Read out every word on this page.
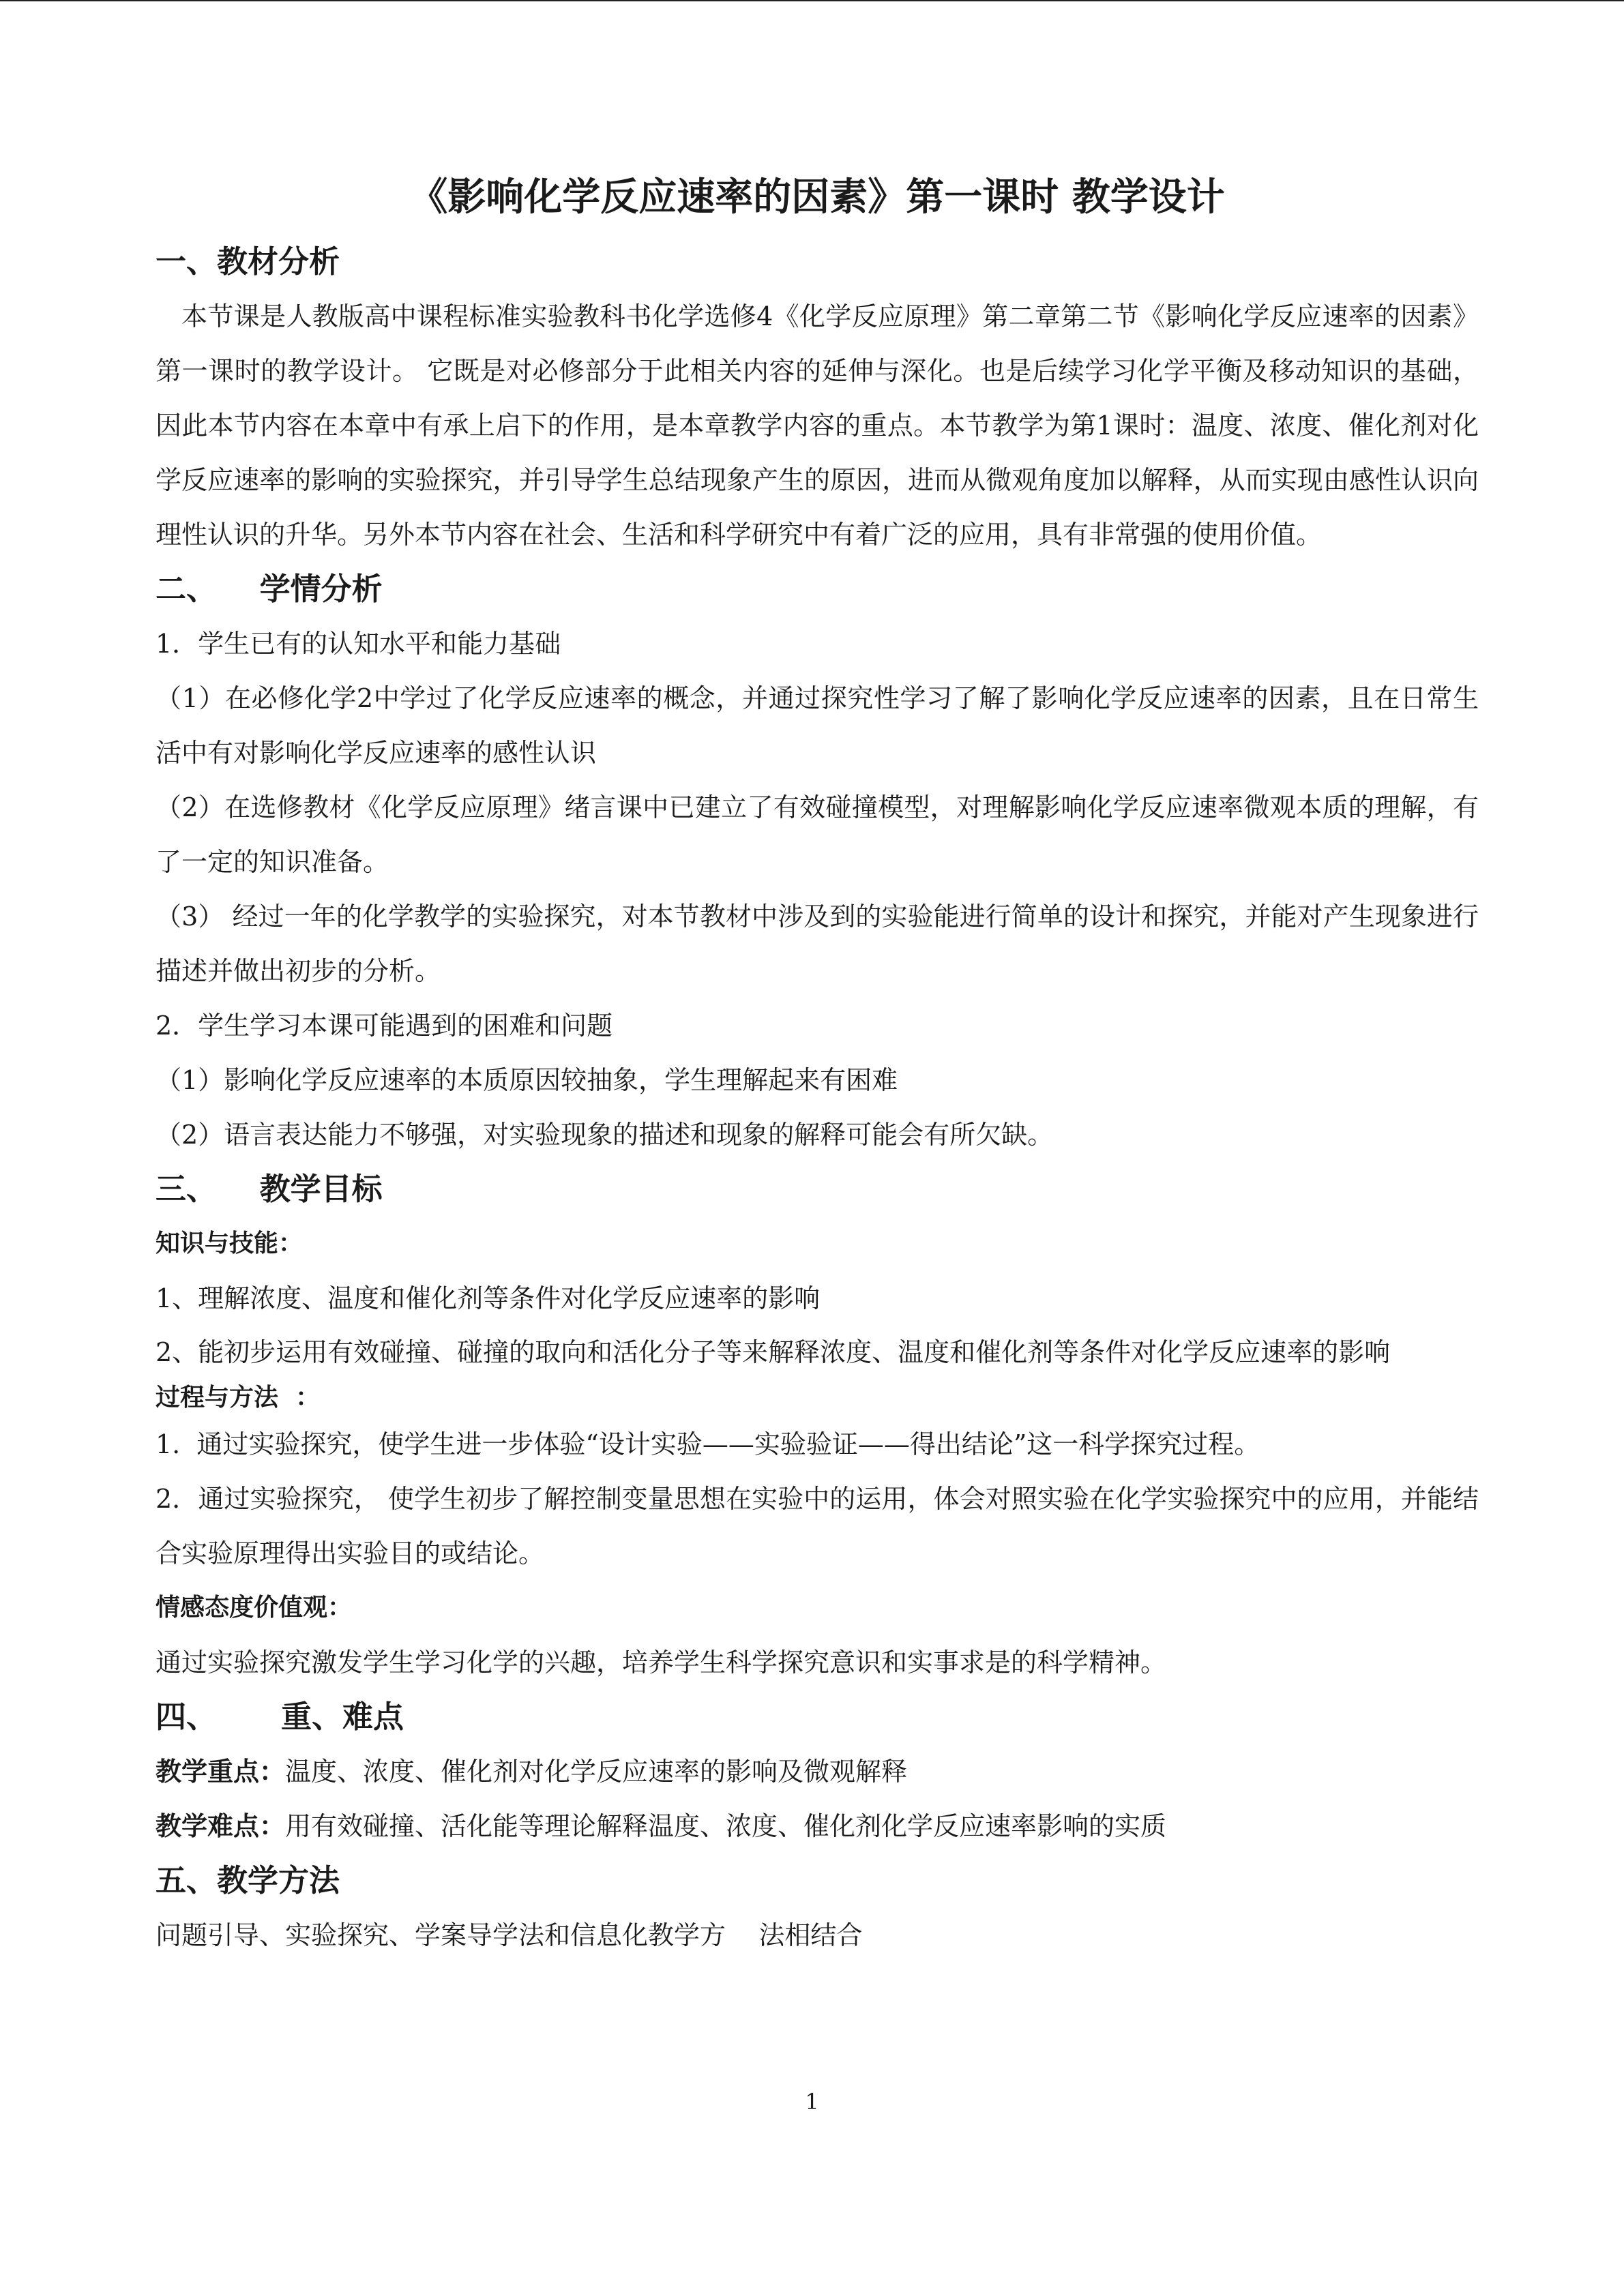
《影响化学反应速率的因素》第一课时 教学设计
一、教材分析

本节课是人教版高中课程标准实验教科书化学选修4《化学反应原理》第二章第二节《影响化学反应速率的因素》第一课时的教学设计。 它既是对必修部分于此相关内容的延伸与深化。也是后续学习化学平衡及移动知识的基础，因此本节内容在本章中有承上启下的作用，是本章教学内容的重点。本节教学为第1课时：温度、浓度、催化剂对化学反应速率的影响的实验探究，并引导学生总结现象产生的原因，进而从微观角度加以解释，从而实现由感性认识向理性认识的升华。另外本节内容在社会、生活和科学研究中有着广泛的应用，具有非常强的使用价值。

二、    学情分析

1．学生已有的认知水平和能力基础

（1）在必修化学2中学过了化学反应速率的概念，并通过探究性学习了解了影响化学反应速率的因素，且在日常生活中有对影响化学反应速率的感性认识

（2）在选修教材《化学反应原理》绪言课中已建立了有效碰撞模型，对理解影响化学反应速率微观本质的理解，有了一定的知识准备。

（3） 经过一年的化学教学的实验探究，对本节教材中涉及到的实验能进行简单的设计和探究，并能对产生现象进行描述并做出初步的分析。

2．学生学习本课可能遇到的困难和问题

（1）影响化学反应速率的本质原因较抽象，学生理解起来有困难

（2）语言表达能力不够强，对实验现象的描述和现象的解释可能会有所欠缺。

三、    教学目标

知识与技能：

1、理解浓度、温度和催化剂等条件对化学反应速率的影响

2、能初步运用有效碰撞、碰撞的取向和活化分子等来解释浓度、温度和催化剂等条件对化学反应速率的影响

过程与方法  ：

1.  通过实验探究，使学生进一步体验“设计实验——实验验证——得出结论”这一科学探究过程。

2．通过实验探究， 使学生初步了解控制变量思想在实验中的运用，体会对照实验在化学实验探究中的应用，并能结合实验原理得出实验目的或结论。

情感态度价值观：

通过实验探究激发学生学习化学的兴趣，培养学生科学探究意识和实事求是的科学精神。

四、      重、难点

教学重点：温度、浓度、催化剂对化学反应速率的影响及微观解释

教学难点：用有效碰撞、活化能等理论解释温度、浓度、催化剂化学反应速率影响的实质

五、教学方法

问题引导、实验探究、学案导学法和信息化教学方    法相结合

1
